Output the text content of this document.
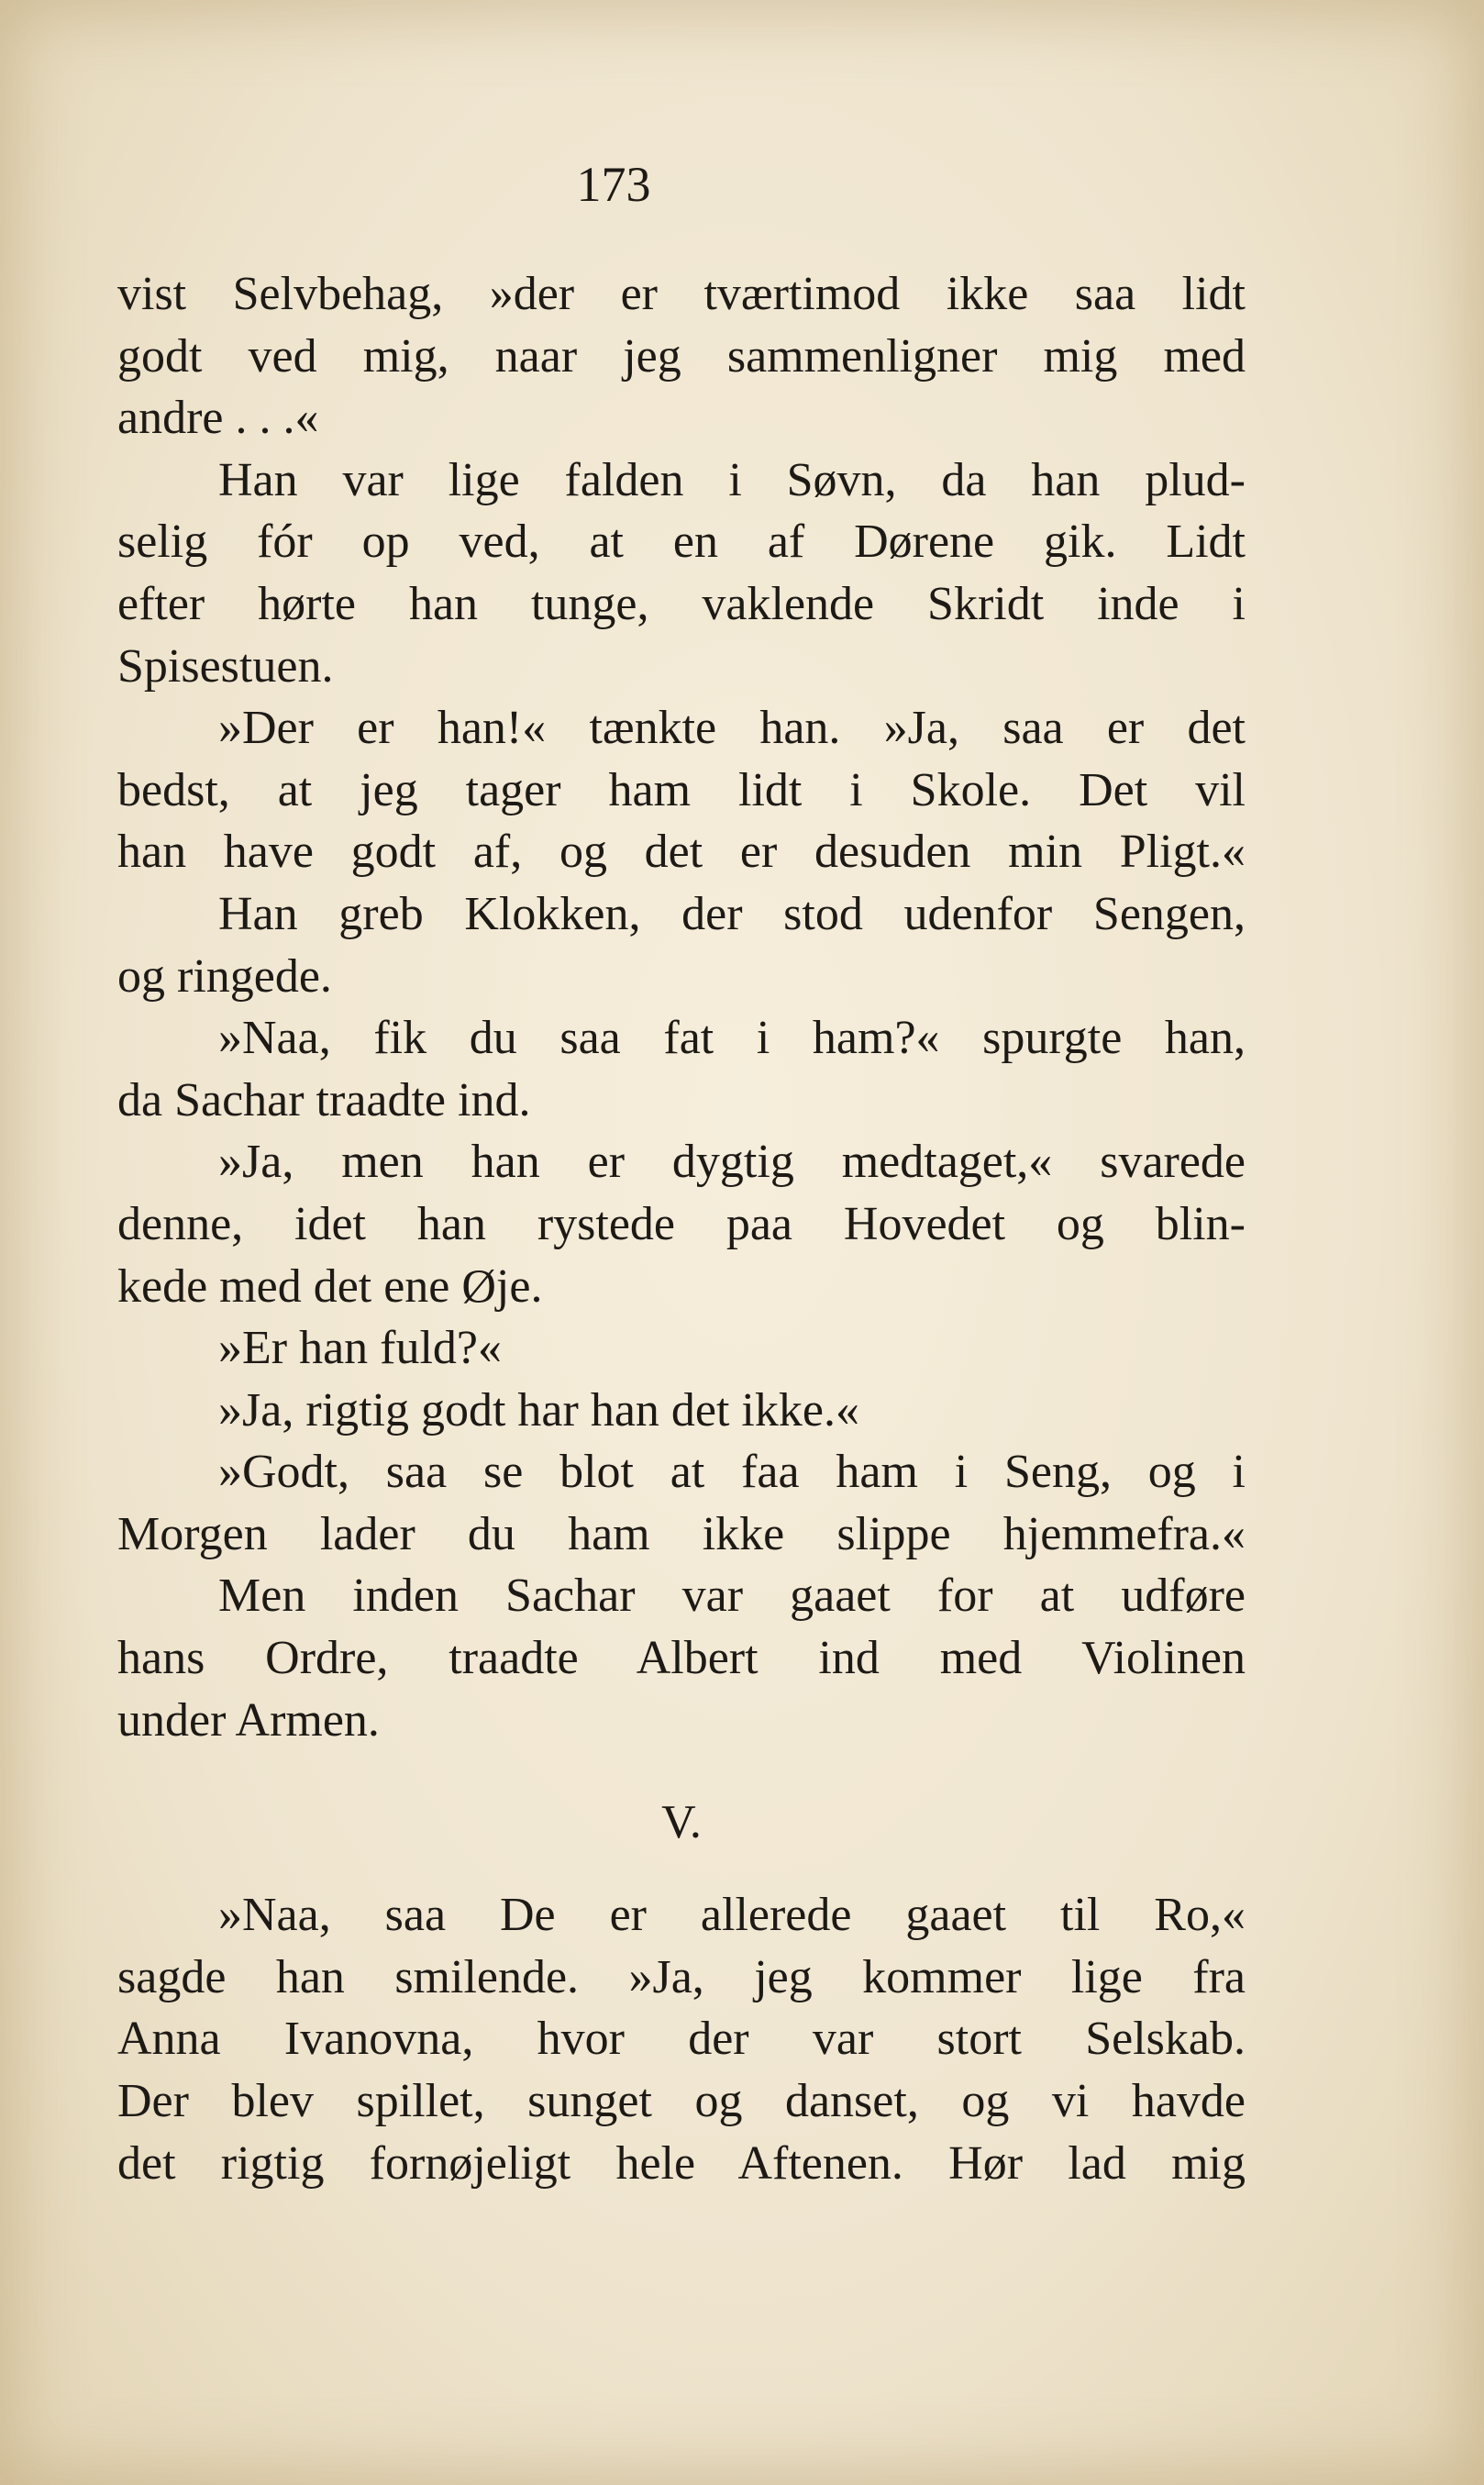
173
vist Selvbehag, »der er tværtimod ikke saa lidt
godt ved mig, naar jeg sammenligner mig med
andre . . .«
Han var lige falden i Søvn, da han plud-
selig fór op ved, at en af Dørene gik. Lidt
efter hørte han tunge, vaklende Skridt inde i
Spisestuen.
»Der er han!« tænkte han. »Ja, saa er det
bedst, at jeg tager ham lidt i Skole. Det vil
han have godt af, og det er desuden min Pligt.«
Han greb Klokken, der stod udenfor Sengen,
og ringede.
»Naa, fik du saa fat i ham?« spurgte han,
da Sachar traadte ind.
»Ja, men han er dygtig medtaget,« svarede
denne, idet han rystede paa Hovedet og blin-
kede med det ene Øje.
»Er han fuld?«
»Ja, rigtig godt har han det ikke.«
»Godt, saa se blot at faa ham i Seng, og i
Morgen lader du ham ikke slippe hjemmefra.«
Men inden Sachar var gaaet for at udføre
hans Ordre, traadte Albert ind med Violinen
under Armen.
V.
»Naa, saa De er allerede gaaet til Ro,«
sagde han smilende. »Ja, jeg kommer lige fra
Anna Ivanovna, hvor der var stort Selskab.
Der blev spillet, sunget og danset, og vi havde
det rigtig fornøjeligt hele Aftenen. Hør lad mig
